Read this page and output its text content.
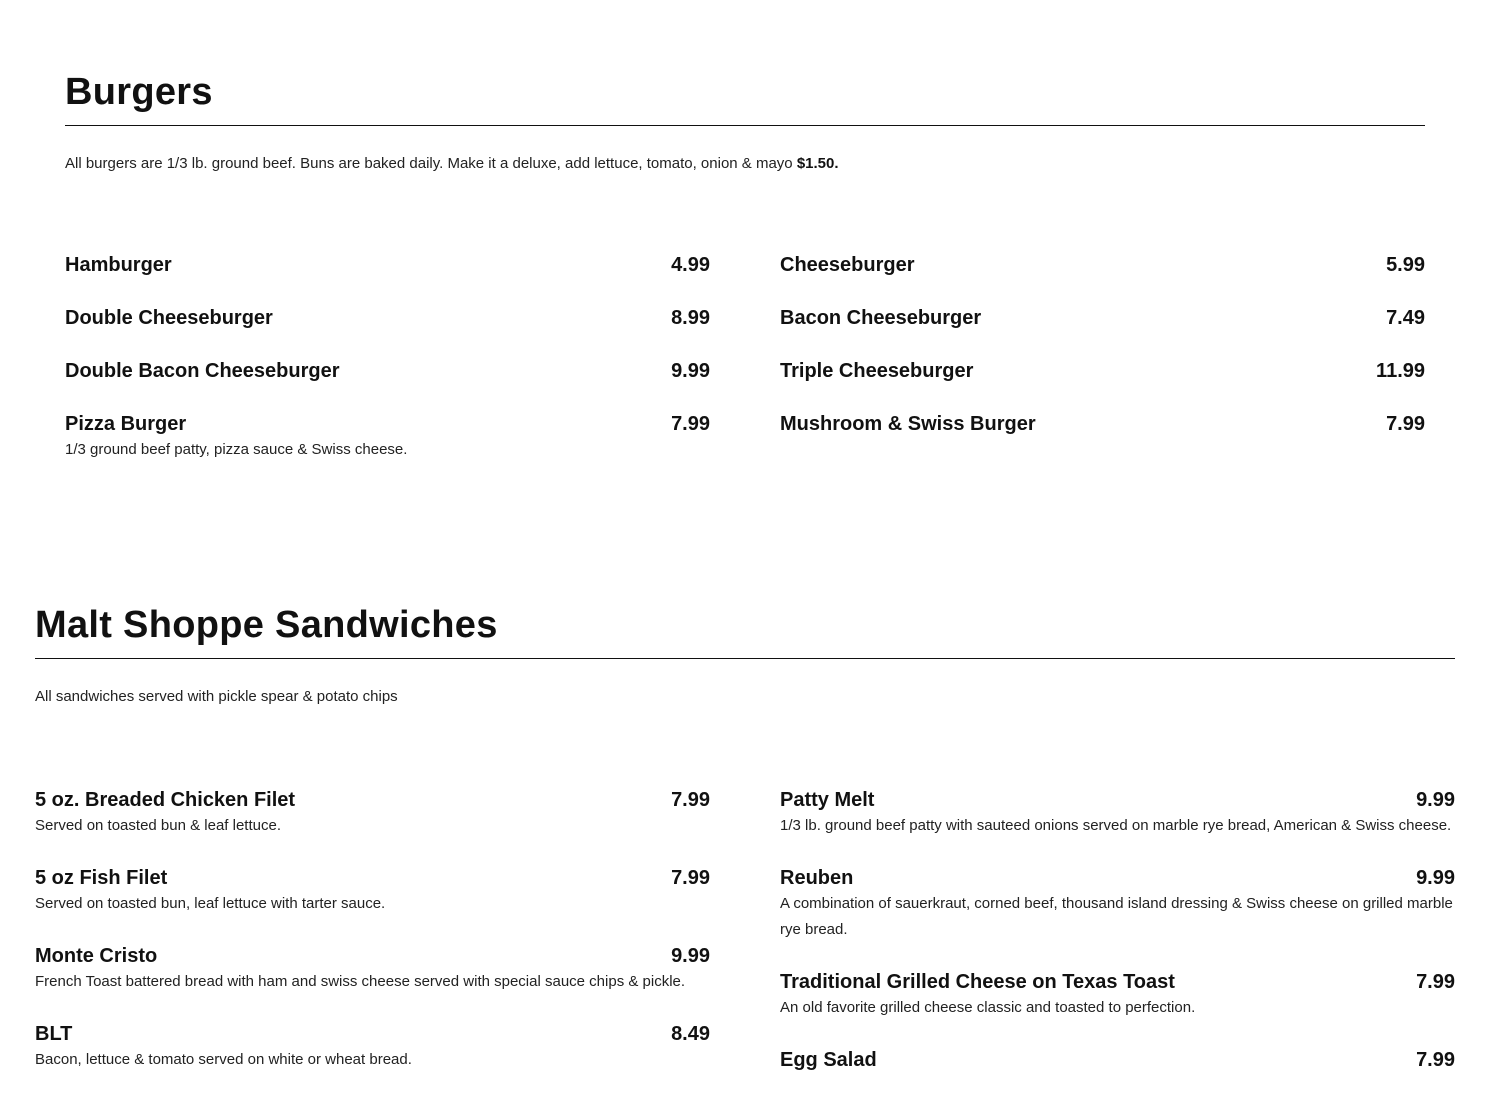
Burgers

All burgers are 1/3 lb. ground beef. Buns are baked daily. Make it a deluxe, add lettuce, tomato, onion & mayo $1.50.

Hamburger	4.99
Double Cheeseburger	8.99
Double Bacon Cheeseburger	9.99
Pizza Burger	7.99
1/3 ground beef patty, pizza sauce & Swiss cheese.
Cheeseburger	5.99
Bacon Cheeseburger	7.49
Triple Cheeseburger	11.99
Mushroom & Swiss Burger	7.99
Malt Shoppe Sandwiches

All sandwiches served with pickle spear & potato chips

5 oz. Breaded Chicken Filet	7.99
Served on toasted bun & leaf lettuce.
5 oz Fish Filet	7.99
Served on toasted bun, leaf lettuce with tarter sauce.
Monte Cristo	9.99
French Toast battered bread with ham and swiss cheese served with special sauce chips & pickle.
BLT	8.49
Bacon, lettuce & tomato served on white or wheat bread.
Patty Melt	9.99
1/3 lb. ground beef patty with sauteed onions served on marble rye bread, American & Swiss cheese.
Reuben	9.99
A combination of sauerkraut, corned beef, thousand island dressing & Swiss cheese on grilled marble rye bread.
Traditional Grilled Cheese on Texas Toast	7.99
An old favorite grilled cheese classic and toasted to perfection.
Egg Salad	7.99
